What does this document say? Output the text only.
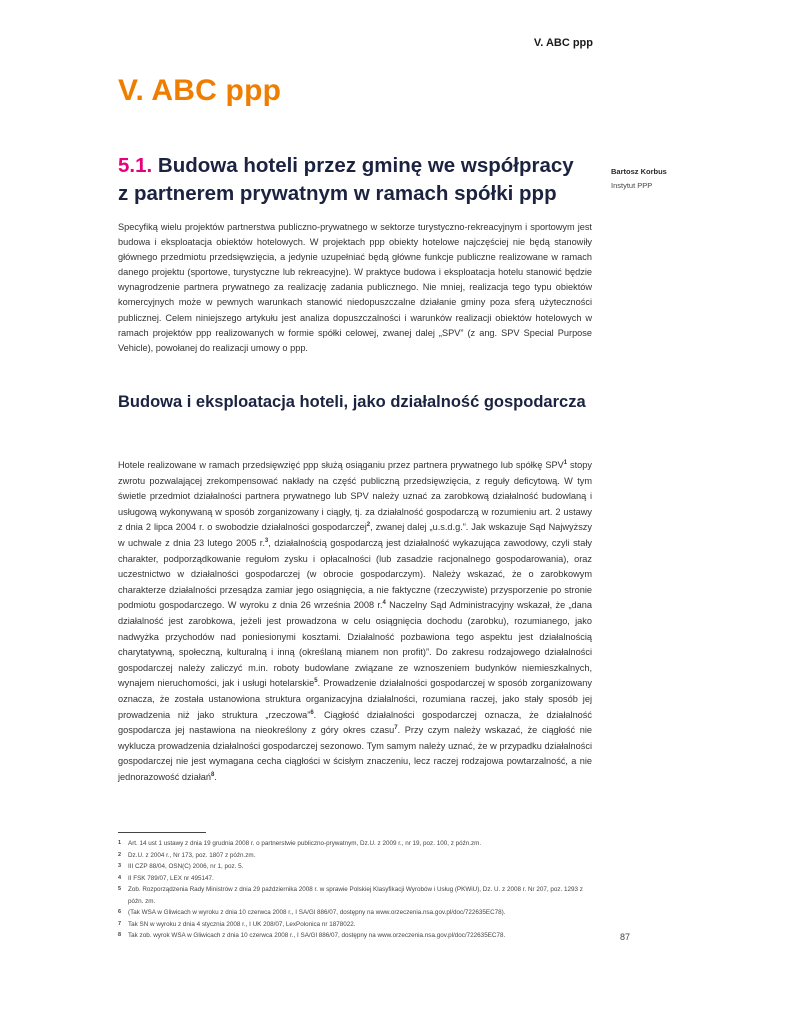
V. ABC ppp
V. ABC ppp
5.1. Budowa hoteli przez gminę we współpracy z partnerem prywatnym w ramach spółki ppp
Bartosz Korbus
Instytut PPP
Specyfiką wielu projektów partnerstwa publiczno-prywatnego w sektorze turystyczno-rekreacyjnym i sportowym jest budowa i eksploatacja obiektów hotelowych. W projektach ppp obiekty hotelowe najczęściej nie będą stanowiły głównego przedmiotu przedsięwzięcia, a jedynie uzupełniać będą główne funkcje publiczne realizowane w ramach danego projektu (sportowe, turystyczne lub rekreacyjne). W praktyce budowa i eksploatacja hotelu stanowić będzie wynagrodzenie partnera prywatnego za realizację zadania publicznego. Nie mniej, realizacja tego typu obiektów komercyjnych może w pewnych warunkach stanowić niedopuszczalne działanie gminy poza sferą użyteczności publicznej. Celem niniejszego artykułu jest analiza dopuszczalności i warunków realizacji obiektów hotelowych w ramach projektów ppp realizowanych w formie spółki celowej, zwanej dalej „SPV” (z ang. SPV Special Purpose Vehicle), powołanej do realizacji umowy o ppp.
Budowa i eksploatacja hoteli, jako działalność gospodarcza
Hotele realizowane w ramach przedsięwzięć ppp służą osiąganiu przez partnera prywatnego lub spółkę SPV$^1$ stopy zwrotu pozwalającej zrekompensować nakłady na część publiczną przedsięwzięcia, z reguły deficytową. W tym świetle przedmiot działalności partnera prywatnego lub SPV należy uznać za zarobkową działalność budowlaną i usługową wykonywaną w sposób zorganizowany i ciągły, tj. za działalność gospodarczą w rozumieniu art. 2 ustawy z dnia 2 lipca 2004 r. o swobodzie działalności gospodarczej$^2$, zwanej dalej „u.s.d.g.”. Jak wskazuje Sąd Najwyższy w uchwale z dnia 23 lutego 2005 r.$^3$, działalnością gospodarczą jest działalność wykazująca zawodowy, czyli stały charakter, podporządkowanie regułom zysku i opłacalności (lub zasadzie racjonalnego gospodarowania), oraz uczestnictwo w działalności gospodarczej (w obrocie gospodarczym). Należy wskazać, że o zarobkowym charakterze działalności przesądza zamiar jego osiągnięcia, a nie faktyczne (rzeczywiste) przysporzenie po stronie podmiotu gospodarczego. W wyroku z dnia 26 września 2008 r.$^4$ Naczelny Sąd Administracyjny wskazał, że „dana działalność jest zarobkowa, jeżeli jest prowadzona w celu osiągnięcia dochodu (zarobku), rozumianego, jako nadwyżka przychodów nad poniesionymi kosztami. Działalność pozbawiona tego aspektu jest działalnością charytatywną, społeczną, kulturalną i inną (określaną mianem non profit)”. Do zakresu rodzajowego działalności gospodarczej należy zaliczyć m.in. roboty budowlane związane ze wznoszeniem budynków niemieszkalnych, wynajem nieruchomości, jak i usługi hotelarskie$^5$. Prowadzenie działalności gospodarczej w sposób zorganizowany oznacza, że została ustanowiona struktura organizacyjna działalności, rozumiana raczej, jako stały sposób jej prowadzenia niż jako struktura „rzeczowa”$^6$. Ciągłość działalności gospodarczej oznacza, że działalność gospodarcza jej nastawiona na nieokreślony z góry okres czasu$^7$. Przy czym należy wskazać, że ciągłość nie wyklucza prowadzenia działalności gospodarczej sezonowo. Tym samym należy uznać, że w przypadku działalności gospodarczej nie jest wymagana cecha ciągłości w ścisłym znaczeniu, lecz raczej rodzajowa powtarzalność, a nie jednorazowość działań$^8$.
1	Art. 14 ust 1 ustawy z dnia 19 grudnia 2008 r. o partnerstwie publiczno-prywatnym, Dz.U. z 2009 r., nr 19, poz. 100, z późn.zm.
2	Dz.U. z 2004 r., Nr 173, poz. 1807 z późn.zm.
3	III CZP 88/04, OSN(C) 2006, nr 1, poz. 5.
4	II FSK 789/07, LEX nr 495147.
5	Zob. Rozporządzenia Rady Ministrów z dnia 29 października 2008 r. w sprawie Polskiej Klasyfikacji Wyrobów i Usług (PKWiU), Dz. U. z 2008 r. Nr 207, poz. 1293 z późn. zm.
6	(Tak WSA w Gliwicach w wyroku z dnia 10 czerwca 2008 r., I SA/Gl 886/07, dostępny na www.orzeczenia.nsa.gov.pl/doc/722635EC78).
7	Tak SN w wyroku z dnia 4 stycznia 2008 r., I UK 208/07, LexPolonica nr 1878022.
8	Tak zob. wyrok WSA w Gliwicach z dnia 10 czerwca 2008 r., I SA/Gl 886/07, dostępny na www.orzeczenia.nsa.gov.pl/doc/722635EC78.	87
